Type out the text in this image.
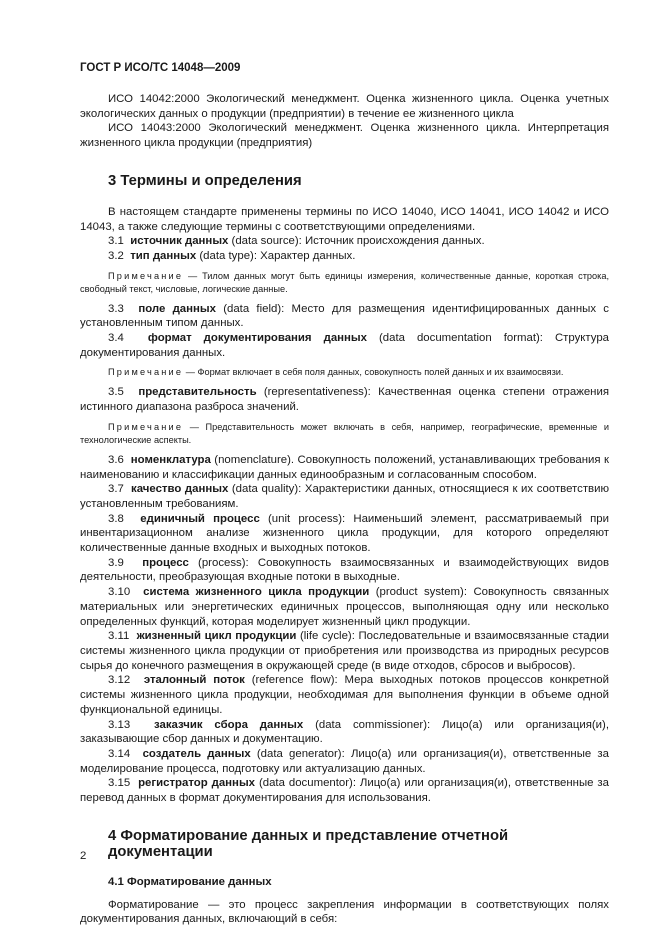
ГОСТ Р ИСО/ТС 14048—2009

ИСО 14042:2000 Экологический менеджмент. Оценка жизненного цикла. Оценка учетных экологических данных о продукции (предприятии) в течение ее жизненного цикла

ИСО 14043:2000 Экологический менеджмент. Оценка жизненного цикла. Интерпретация жизненного цикла продукции (предприятия)

3 Термины и определения

В настоящем стандарте применены термины по ИСО 14040, ИСО 14041, ИСО 14042 и ИСО 14043, а также следующие термины с соответствующими определениями.

3.1 источник данных (data source): Источник происхождения данных.

3.2 тип данных (data type): Характер данных.

Примечание — Тилом данных могут быть единицы измерения, количественные данные, короткая строка, свободный текст, числовые, логические данные.

3.3 поле данных (data field): Место для размещения идентифицированных данных с установленным типом данных.

3.4 формат документирования данных (data documentation format): Структура документирования данных.

Примечание — Формат включает в себя поля данных, совокупность полей данных и их взаимосвязи.

3.5 представительность (representativeness): Качественная оценка степени отражения истинного диапазона разброса значений.

Примечание — Представительность может включать в себя, например, географические, временные и технологические аспекты.

3.6 номенклатура (nomenclature). Совокупность положений, устанавливающих требования к наименованию и классификации данных единообразным и согласованным способом.

3.7 качество данных (data quality): Характеристики данных, относящиеся к их соответствию установленным требованиям.

3.8 единичный процесс (unit process): Наименьший элемент, рассматриваемый при инвентаризационном анализе жизненного цикла продукции, для которого определяют количественные данные входных и выходных потоков.

3.9 процесс (process): Совокупность взаимосвязанных и взаимодействующих видов деятельности, преобразующая входные потоки в выходные.

3.10 система жизненного цикла продукции (product system): Совокупность связанных материальных или энергетических единичных процессов, выполняющая одну или несколько определенных функций, которая моделирует жизненный цикл продукции.

3.11 жизненный цикл продукции (life cycle): Последовательные и взаимосвязанные стадии системы жизненного цикла продукции от приобретения или производства из природных ресурсов сырья до конечного размещения в окружающей среде (в виде отходов, сбросов и выбросов).

3.12 эталонный поток (reference flow): Мера выходных потоков процессов конкретной системы жизненного цикла продукции, необходимая для выполнения функции в объеме одной функциональной единицы.

3.13 заказчик сбора данных (data commissioner): Лицо(а) или организация(и), заказывающие сбор данных и документацию.

3.14 создатель данных (data generator): Лицо(а) или организация(и), ответственные за моделирование процесса, подготовку или актуализацию данных.

3.15 регистратор данных (data documentor): Лицо(а) или организация(и), ответственные за перевод данных в формат документирования для использования.

4 Форматирование данных и представление отчетной документации
4.1 Форматирование данных

Форматирование — это процесс закрепления информации в соответствующих полях документирования данных, включающий в себя:

2
